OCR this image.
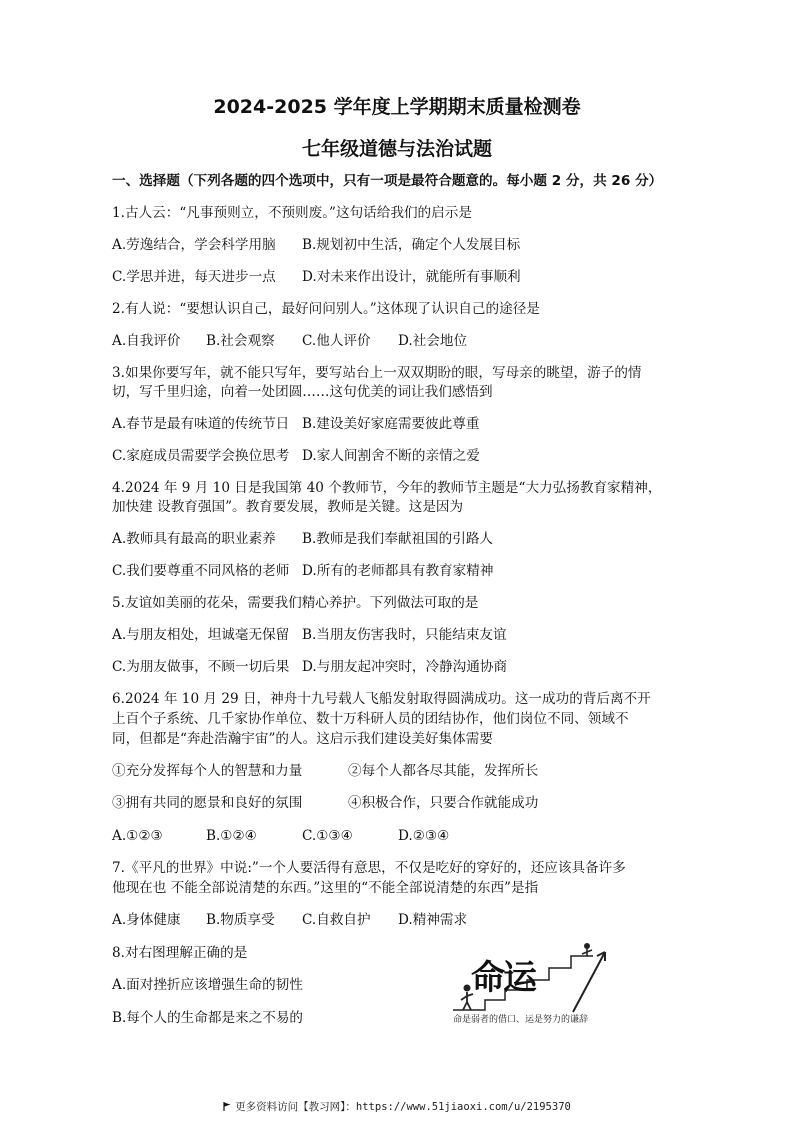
2024-2025 学年度上学期期末质量检测卷
七年级道德与法治试题
一、选择题（下列各题的四个选项中，只有一项是最符合题意的。每小题 2 分，共 26 分）
1.古人云：“凡事预则立，不预则废。”这句话给我们的启示是
A.劳逸结合，学会科学用脑 B.规划初中生活，确定个人发展目标
C.学思并进，每天进步一点 D.对未来作出设计，就能所有事顺利
2.有人说：“要想认识自己，最好问问别人。”这体现了认识自己的途径是
A.自我评价 B.社会观察 C.他人评价 D.社会地位
3.如果你要写年，就不能只写年，要写站台上一双双期盼的眼，写母亲的眺望，游子的情
切，写千里归途，向着一处团圆……这句优美的词让我们感悟到
A.春节是最有味道的传统节日 B.建设美好家庭需要彼此尊重
C.家庭成员需要学会换位思考 D.家人间割舍不断的亲情之爱
4.2024 年 9 月 10 日是我国第 40 个教师节，今年的教师节主题是“大力弘扬教育家精神，
加快建 设教育强国”。教育要发展，教师是关键。这是因为
A.教师具有最高的职业素养 B.教师是我们奉献祖国的引路人
C.我们要尊重不同风格的老师 D.所有的老师都具有教育家精神
5.友谊如美丽的花朵，需要我们精心养护。下列做法可取的是
A.与朋友相处，坦诚毫无保留 B.当朋友伤害我时，只能结束友谊
C.为朋友做事，不顾一切后果 D.与朋友起冲突时，冷静沟通协商
6.2024 年 10 月 29 日，神舟十九号载人飞船发射取得圆满成功。这一成功的背后离不开
上百个子系统、几千家协作单位、数十万科研人员的团结协作，他们岗位不同、领域不
同，但都是“奔赴浩瀚宇宙”的人。这启示我们建设美好集体需要
①充分发挥每个人的智慧和力量	②每个人都各尽其能，发挥所长
③拥有共同的愿景和良好的氛围	④积极合作，只要合作就能成功
A.①②③	B.①②④	C.①③④	D.②③④
7.《平凡的世界》中说:”一个人要活得有意思，不仅是吃好的穿好的，还应该具备许多
他现在也 不能全部说清楚的东西。”这里的“不能全部说清楚的东西”是指
A.身体健康 B.物质享受 C.自救自护 D.精神需求
8.对右图理解正确的是
A.面对挫折应该增强生命的韧性
B.每个人的生命都是来之不易的
命运
命是弱者的借口、运是努力的谦辞
更多资料访问【教习网】：https://www.51jiaoxi.com/u/2195370
